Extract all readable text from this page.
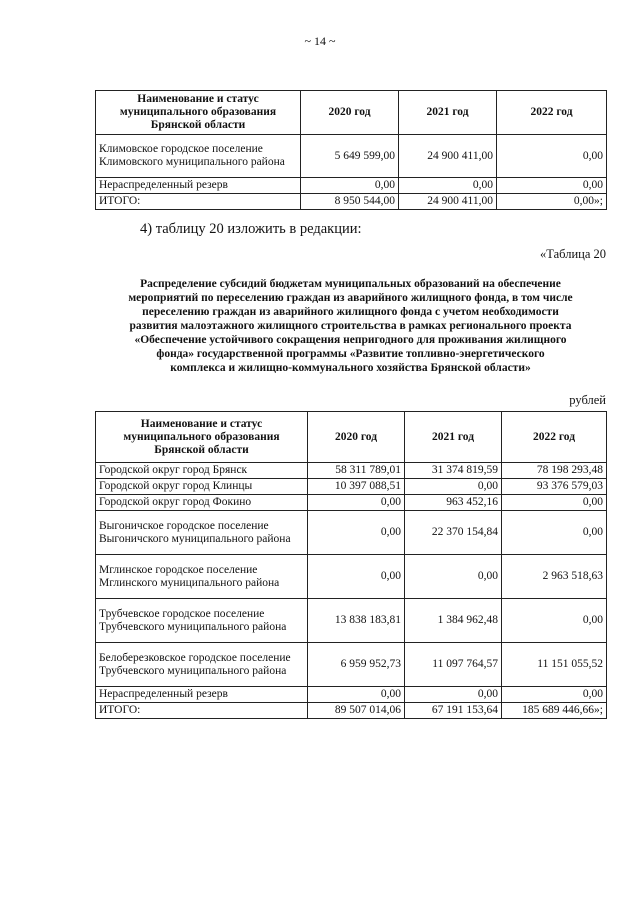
~ 14 ~
Наименование и статус муниципального образования Брянской области	2020 год	2021 год	2022 год
Климовское городское поселение Климовского муниципального района	5 649 599,00	24 900 411,00	0,00
Нераспределенный резерв	0,00	0,00	0,00
ИТОГО:	8 950 544,00	24 900 411,00	0,00»;
4) таблицу 20 изложить в редакции:
«Таблица 20
Распределение субсидий бюджетам муниципальных образований на обеспечение
мероприятий по переселению граждан из аварийного жилищного фонда, в том числе
переселению граждан из аварийного жилищного фонда с учетом необходимости
развития малоэтажного жилищного строительства в рамках регионального проекта
«Обеспечение устойчивого сокращения непригодного для проживания жилищного
фонда» государственной программы «Развитие топливно-энергетического
комплекса и жилищно-коммунального хозяйства Брянской области»
рублей
Наименование и статус муниципального образования Брянской области	2020 год	2021 год	2022 год
Городской округ город Брянск	58 311 789,01	31 374 819,59	78 198 293,48
Городской округ город Клинцы	10 397 088,51	0,00	93 376 579,03
Городской округ город Фокино	0,00	963 452,16	0,00
Выгоничское городское поселение Выгоничского муниципального района	0,00	22 370 154,84	0,00
Мглинское городское поселение Мглинского муниципального района	0,00	0,00	2 963 518,63
Трубчевское городское поселение Трубчевского муниципального района	13 838 183,81	1 384 962,48	0,00
Белоберезковское городское поселение Трубчевского муниципального района	6 959 952,73	11 097 764,57	11 151 055,52
Нераспределенный резерв	0,00	0,00	0,00
ИТОГО:	89 507 014,06	67 191 153,64	185 689 446,66»;
